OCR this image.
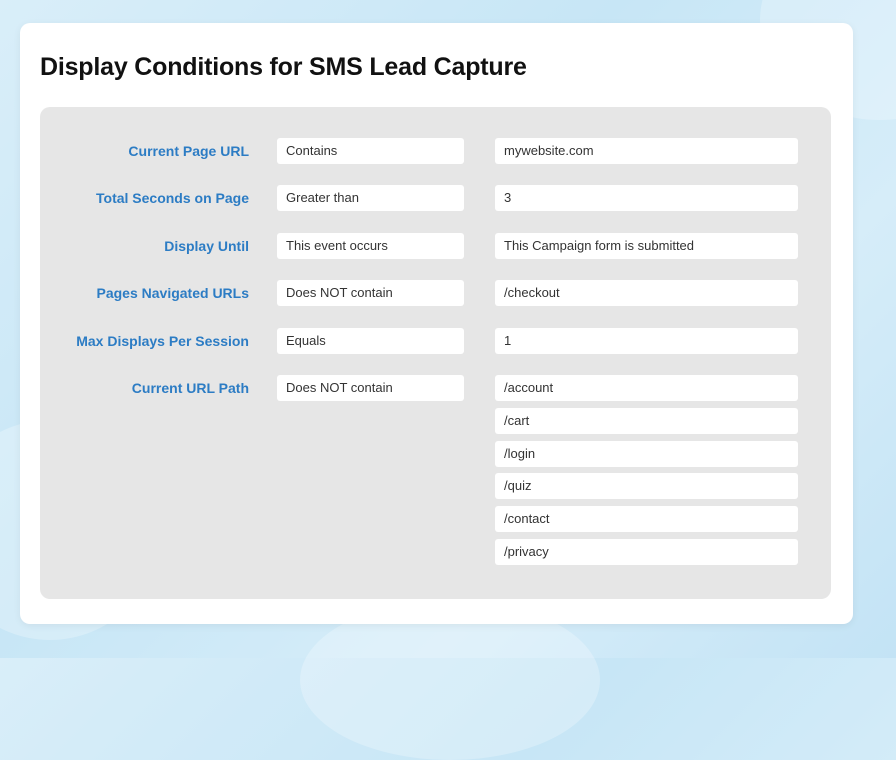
Display Conditions for SMS Lead Capture
Current Page URL	Contains	mywebsite.com
Total Seconds on Page	Greater than	3
Display Until	This event occurs	This Campaign form is submitted
Pages Navigated URLs	Does NOT contain	/checkout
Max Displays Per Session	Equals	1
Current URL Path	Does NOT contain	/account
/cart
/login
/quiz
/contact
/privacy
